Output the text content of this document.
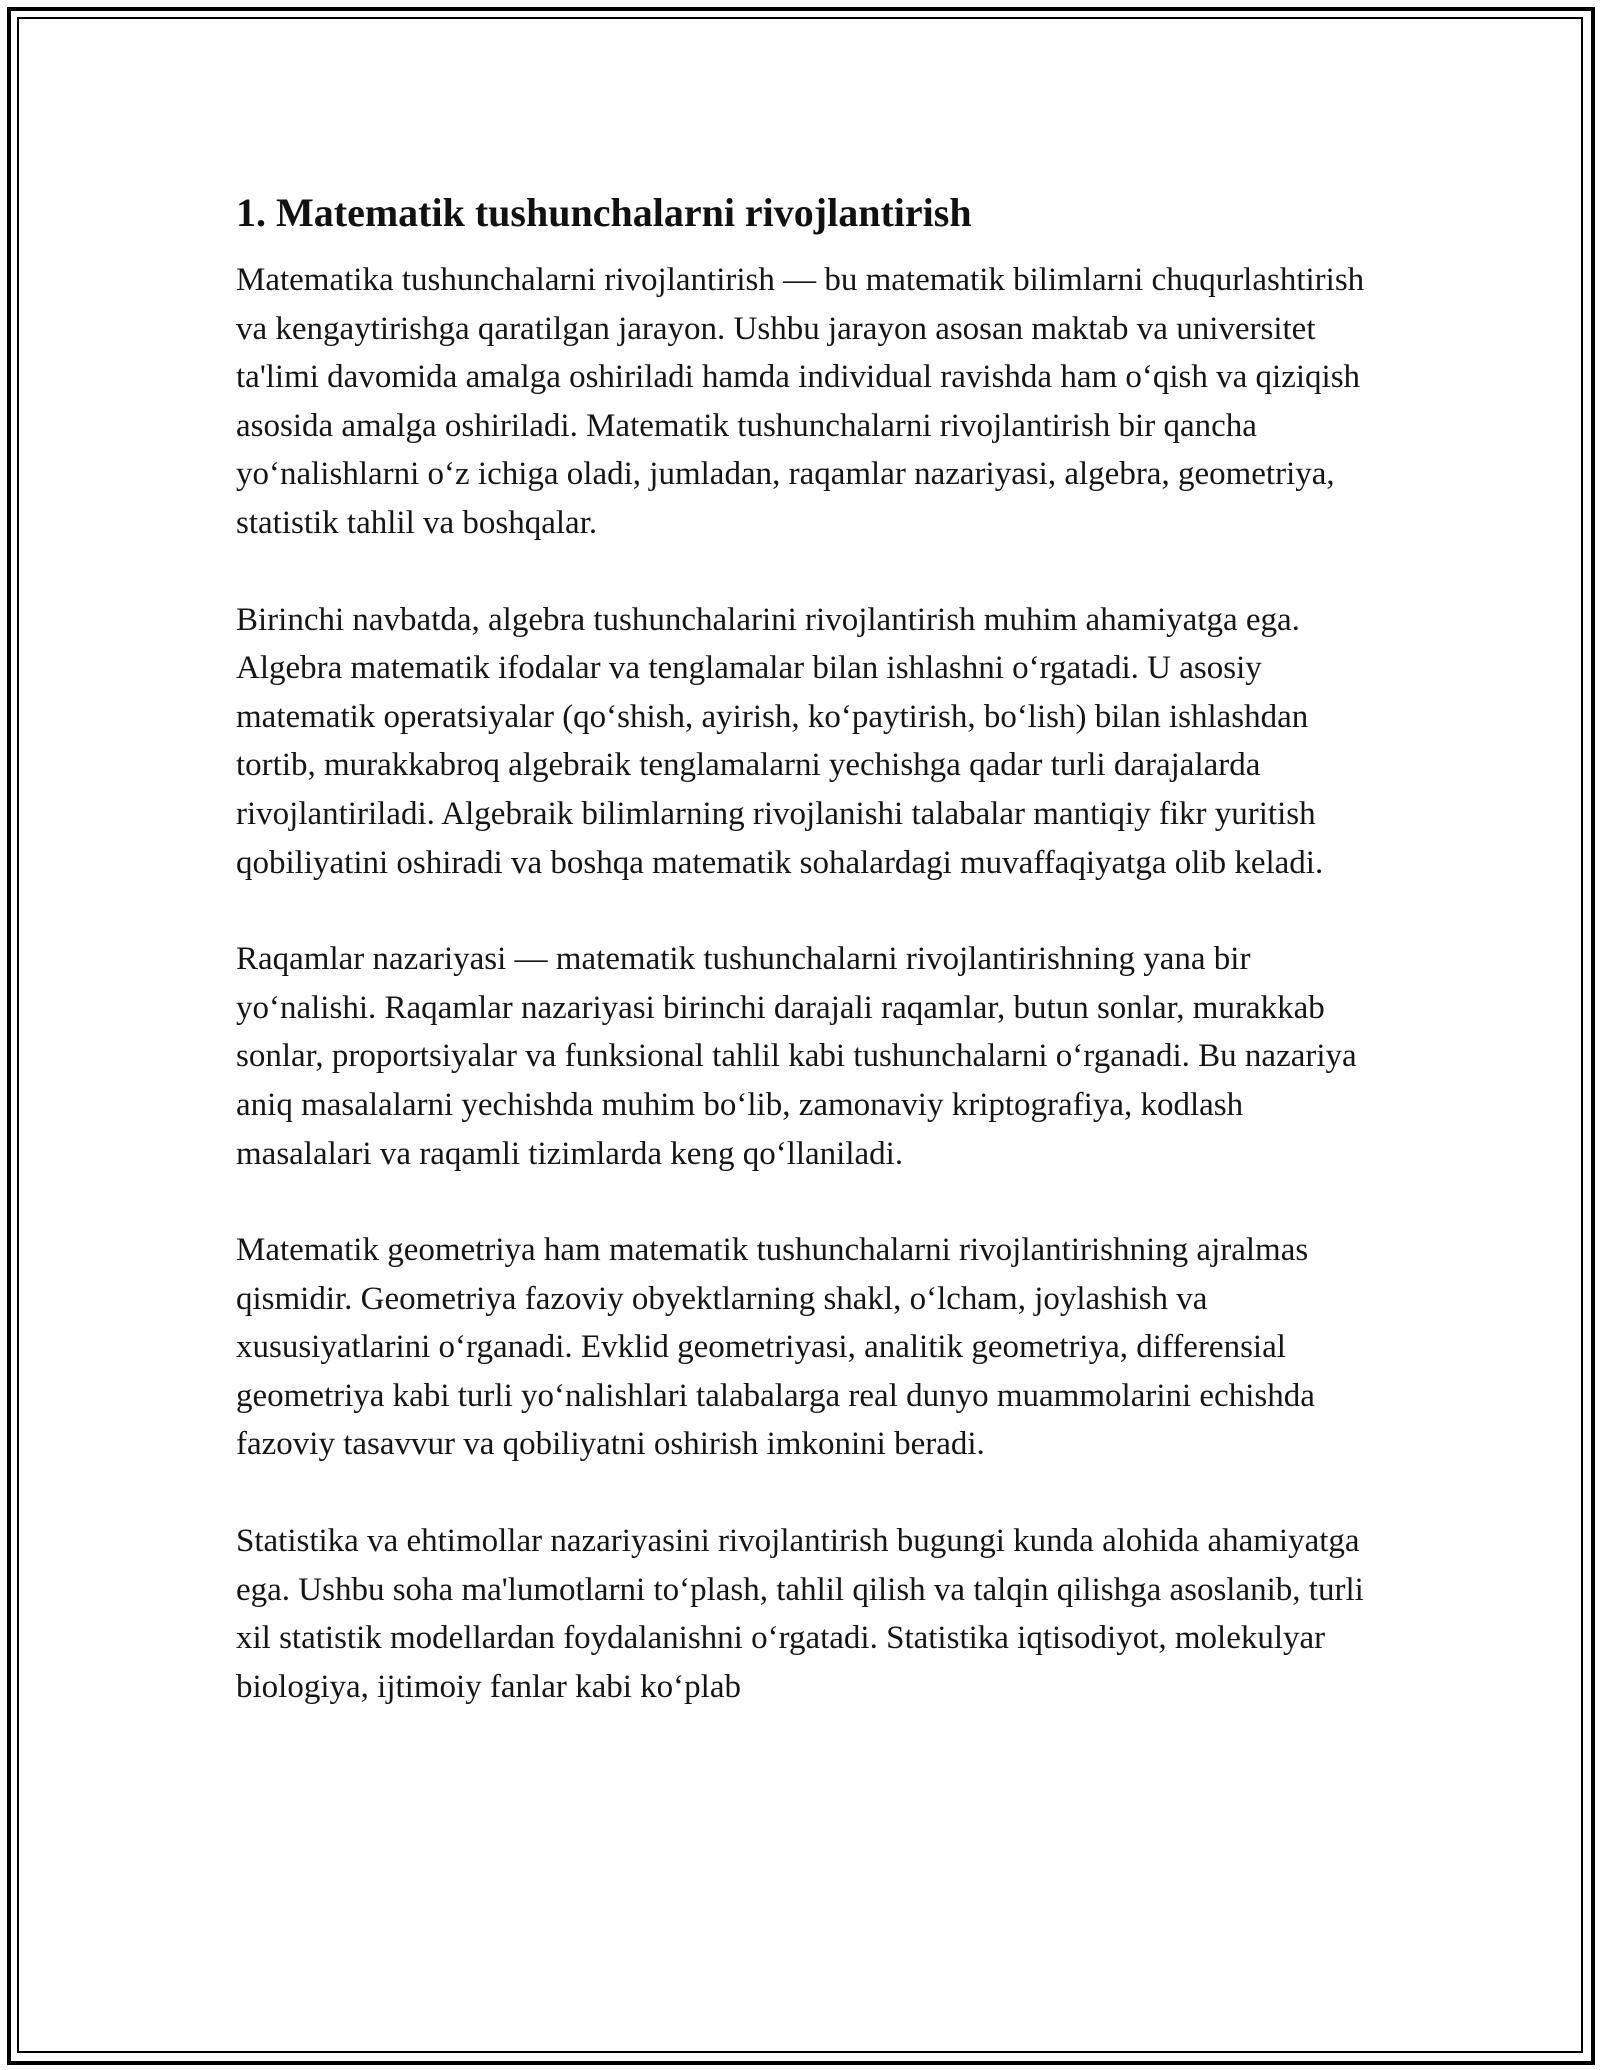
1. Matematik tushunchalarni rivojlantirish

Matematika tushunchalarni rivojlantirish — bu matematik bilimlarni chuqurlashtirish va kengaytirishga qaratilgan jarayon. Ushbu jarayon asosan maktab va universitet ta'limi davomida amalga oshiriladi hamda individual ravishda ham o‘qish va qiziqish asosida amalga oshiriladi. Matematik tushunchalarni rivojlantirish bir qancha yo‘nalishlarni o‘z ichiga oladi, jumladan, raqamlar nazariyasi, algebra, geometriya, statistik tahlil va boshqalar.

Birinchi navbatda, algebra tushunchalarini rivojlantirish muhim ahamiyatga ega. Algebra matematik ifodalar va tenglamalar bilan ishlashni o‘rgatadi. U asosiy matematik operatsiyalar (qo‘shish, ayirish, ko‘paytirish, bo‘lish) bilan ishlashdan tortib, murakkabroq algebraik tenglamalarni yechishga qadar turli darajalarda rivojlantiriladi. Algebraik bilimlarning rivojlanishi talabalar mantiqiy fikr yuritish qobiliyatini oshiradi va boshqa matematik sohalardagi muvaffaqiyatga olib keladi.

Raqamlar nazariyasi — matematik tushunchalarni rivojlantirishning yana bir yo‘nalishi. Raqamlar nazariyasi birinchi darajali raqamlar, butun sonlar, murakkab sonlar, proportsiyalar va funksional tahlil kabi tushunchalarni o‘rganadi. Bu nazariya aniq masalalarni yechishda muhim bo‘lib, zamonaviy kriptografiya, kodlash masalalari va raqamli tizimlarda keng qo‘llaniladi.

Matematik geometriya ham matematik tushunchalarni rivojlantirishning ajralmas qismidir. Geometriya fazoviy obyektlarning shakl, o‘lcham, joylashish va xususiyatlarini o‘rganadi. Evklid geometriyasi, analitik geometriya, differensial geometriya kabi turli yo‘nalishlari talabalarga real dunyo muammolarini echishda fazoviy tasavvur va qobiliyatni oshirish imkonini beradi.

Statistika va ehtimollar nazariyasini rivojlantirish bugungi kunda alohida ahamiyatga ega. Ushbu soha ma'lumotlarni to‘plash, tahlil qilish va talqin qilishga asoslanib, turli xil statistik modellardan foydalanishni o‘rgatadi. Statistika iqtisodiyot, molekulyar biologiya, ijtimoiy fanlar kabi ko‘plab
